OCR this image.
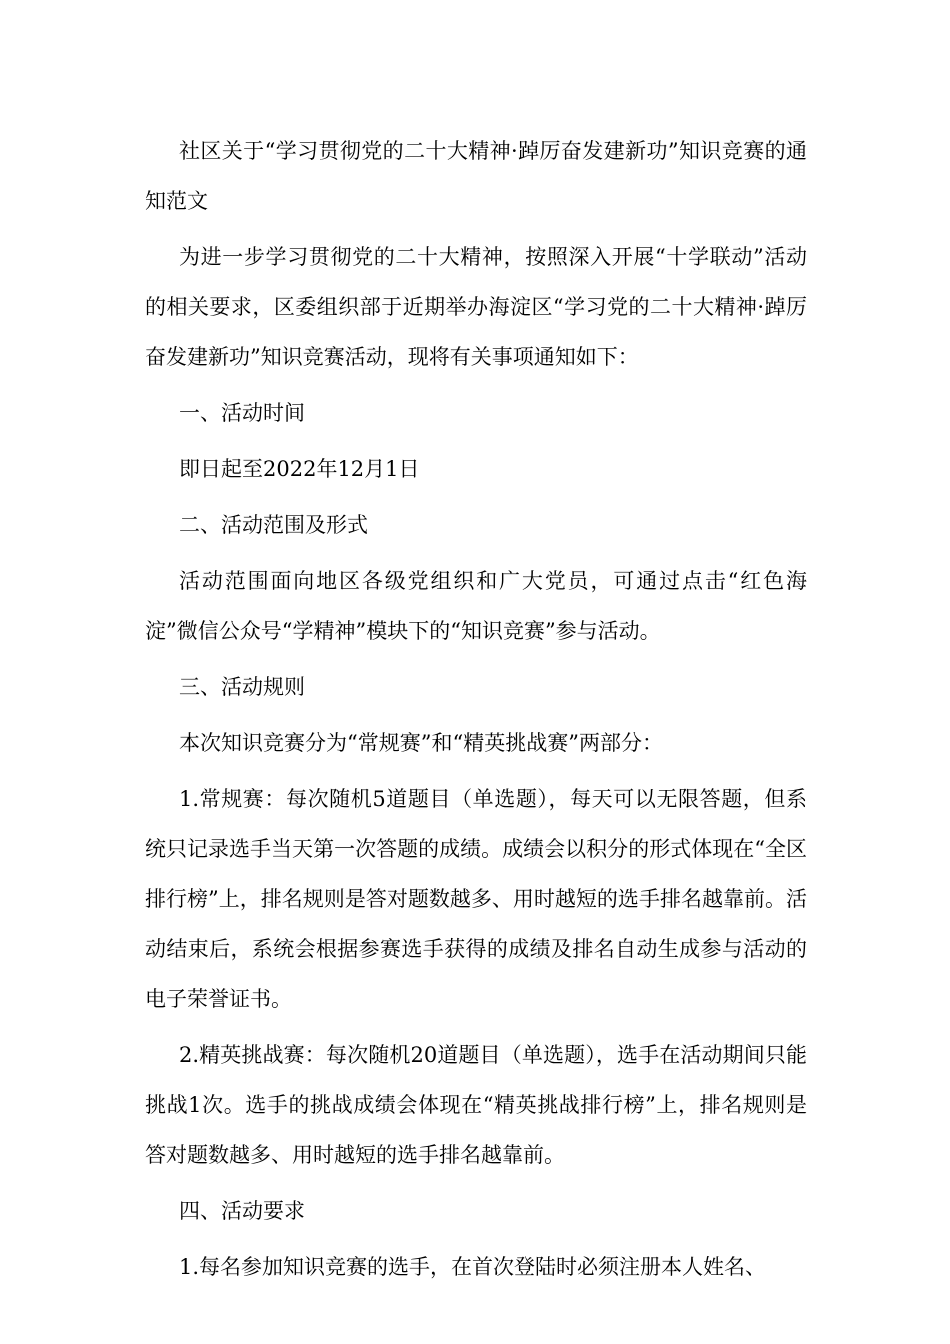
社区关于“学习贯彻党的二十大精神·踔厉奋发建新功”知识竞赛的通知范文

为进一步学习贯彻党的二十大精神，按照深入开展“十学联动”活动的相关要求，区委组织部于近期举办海淀区“学习党的二十大精神·踔厉奋发建新功”知识竞赛活动，现将有关事项通知如下：

一、活动时间

即日起至2022年12月1日

二、活动范围及形式

活动范围面向地区各级党组织和广大党员，可通过点击“红色海淀”微信公众号“学精神”模块下的“知识竞赛”参与活动。

三、活动规则

本次知识竞赛分为“常规赛”和“精英挑战赛”两部分：

1.常规赛：每次随机5道题目（单选题），每天可以无限答题，但系统只记录选手当天第一次答题的成绩。成绩会以积分的形式体现在“全区排行榜”上，排名规则是答对题数越多、用时越短的选手排名越靠前。活动结束后，系统会根据参赛选手获得的成绩及排名自动生成参与活动的电子荣誉证书。

2.精英挑战赛：每次随机20道题目（单选题），选手在活动期间只能挑战1次。选手的挑战成绩会体现在“精英挑战排行榜”上，排名规则是答对题数越多、用时越短的选手排名越靠前。

四、活动要求

1.每名参加知识竞赛的选手，在首次登陆时必须注册本人姓名、
